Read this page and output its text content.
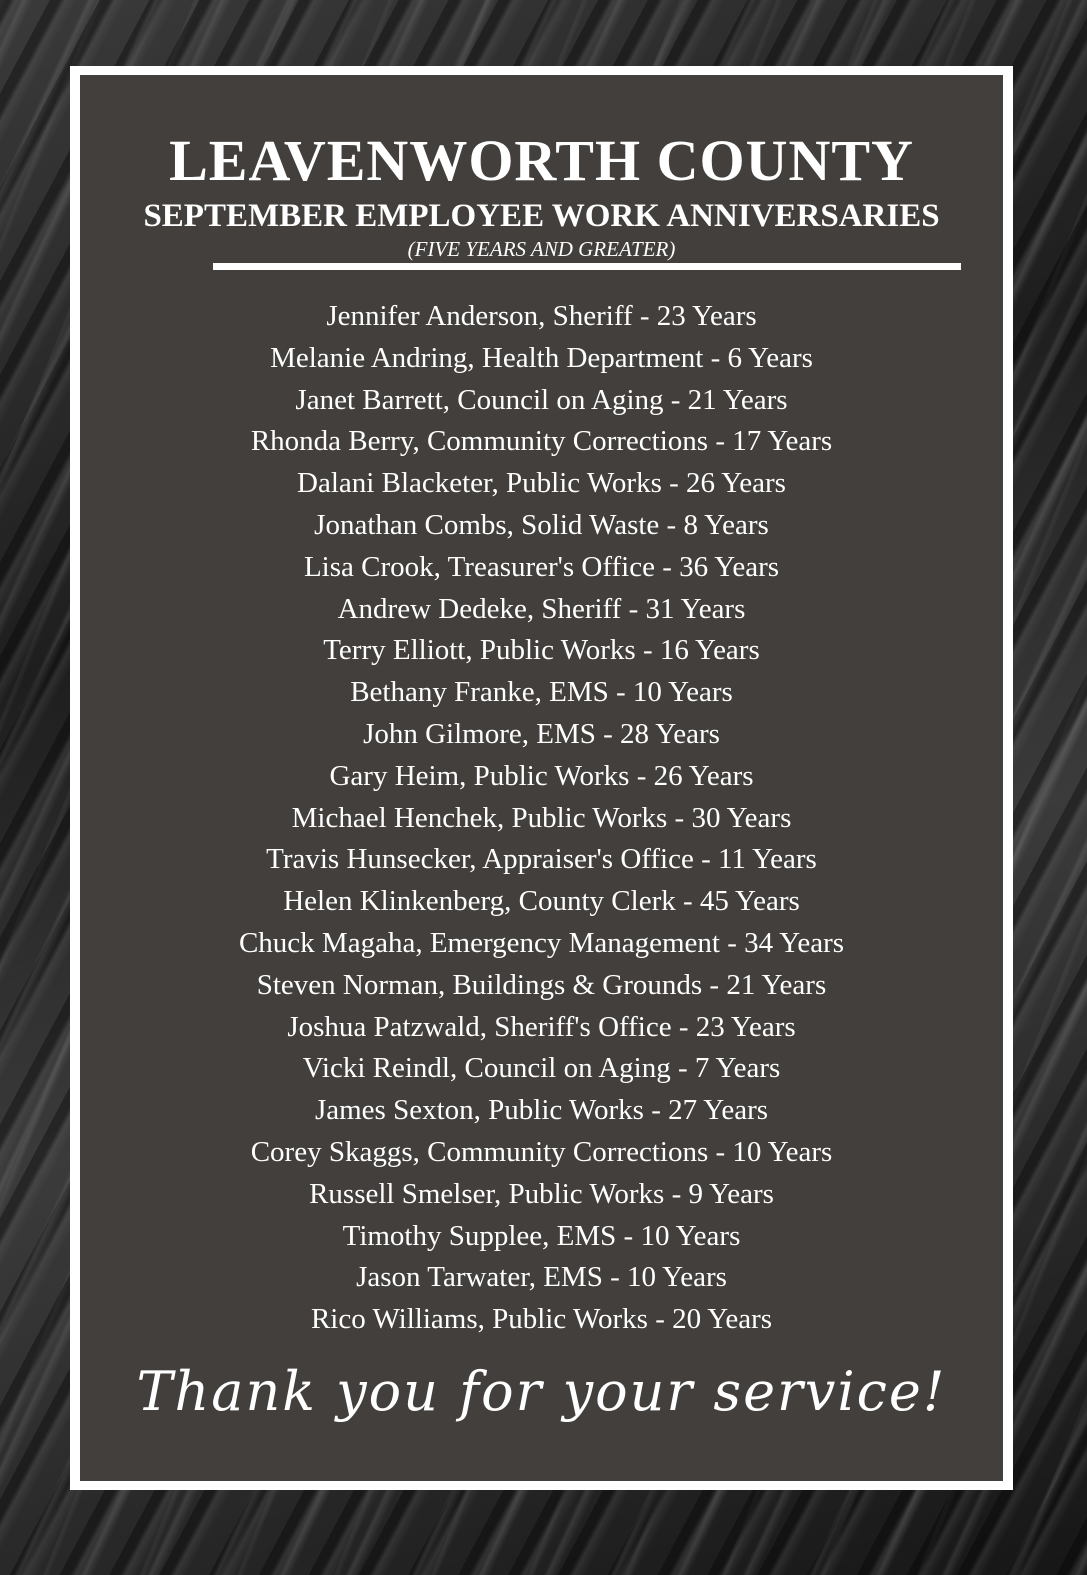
LEAVENWORTH COUNTY
SEPTEMBER EMPLOYEE WORK ANNIVERSARIES

(FIVE YEARS AND GREATER)

Jennifer Anderson, Sheriff - 23 Years
Melanie Andring, Health Department - 6 Years
Janet Barrett, Council on Aging - 21 Years
Rhonda Berry, Community Corrections - 17 Years
Dalani Blacketer, Public Works - 26 Years
Jonathan Combs, Solid Waste - 8 Years
Lisa Crook, Treasurer's Office - 36 Years
Andrew Dedeke, Sheriff - 31 Years
Terry Elliott, Public Works - 16 Years
Bethany Franke, EMS - 10 Years
John Gilmore, EMS - 28 Years
Gary Heim, Public Works - 26 Years
Michael Henchek, Public Works - 30 Years
Travis Hunsecker, Appraiser's Office - 11 Years
Helen Klinkenberg, County Clerk - 45 Years
Chuck Magaha, Emergency Management - 34 Years
Steven Norman, Buildings & Grounds - 21 Years
Joshua Patzwald, Sheriff's Office - 23 Years
Vicki Reindl, Council on Aging - 7 Years
James Sexton, Public Works - 27 Years
Corey Skaggs, Community Corrections - 10 Years
Russell Smelser, Public Works - 9 Years
Timothy Supplee, EMS - 10 Years
Jason Tarwater, EMS - 10 Years
Rico Williams, Public Works - 20 Years

Thank you for your service!
